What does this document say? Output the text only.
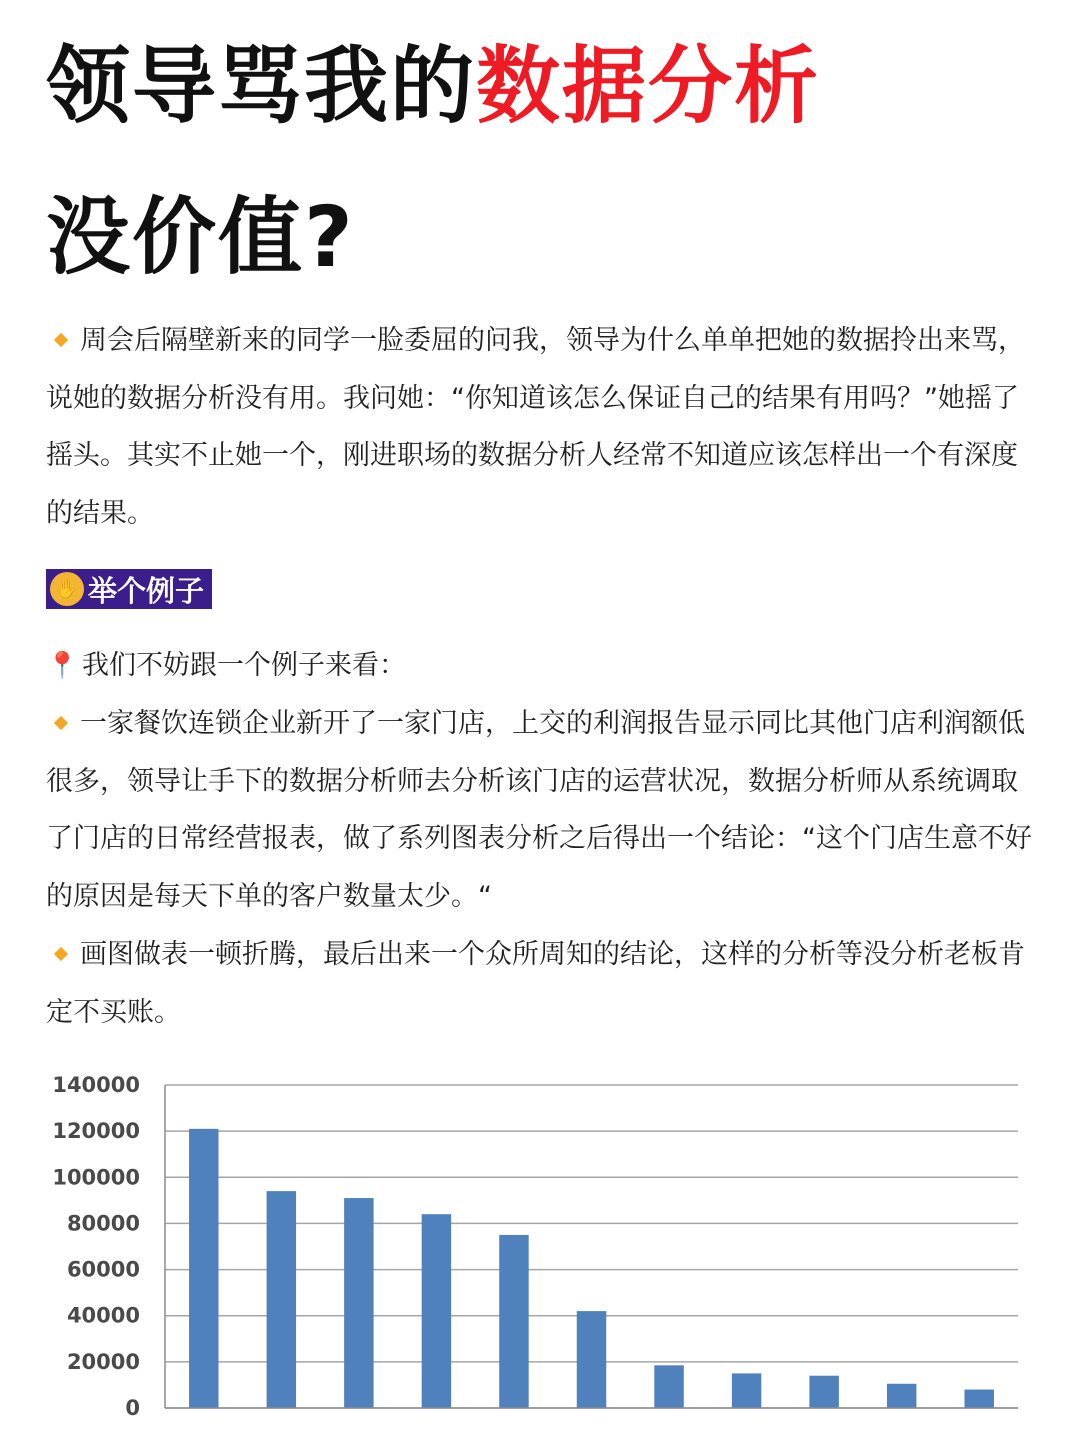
领导骂我的数据分析
没价值?

周会后隔壁新来的同学一脸委屈的问我，领导为什么单单把她的数据拎出来骂，说她的数据分析没有用。我问她：“你知道该怎么保证自己的结果有用吗？”她摇了摇头。其实不止她一个，刚进职场的数据分析人经常不知道应该怎样出一个有深度的结果。

✋ 举个例子

📍 我们不妨跟一个例子来看：

一家餐饮连锁企业新开了一家门店，上交的利润报告显示同比其他门店利润额低很多，领导让手下的数据分析师去分析该门店的运营状况，数据分析师从系统调取了门店的日常经营报表，做了系列图表分析之后得出一个结论：“这个门店生意不好的原因是每天下单的客户数量太少。“

画图做表一顿折腾，最后出来一个众所周知的结论，这样的分析等没分析老板肯定不买账。

0
20000
40000
60000
80000
100000
120000
140000
